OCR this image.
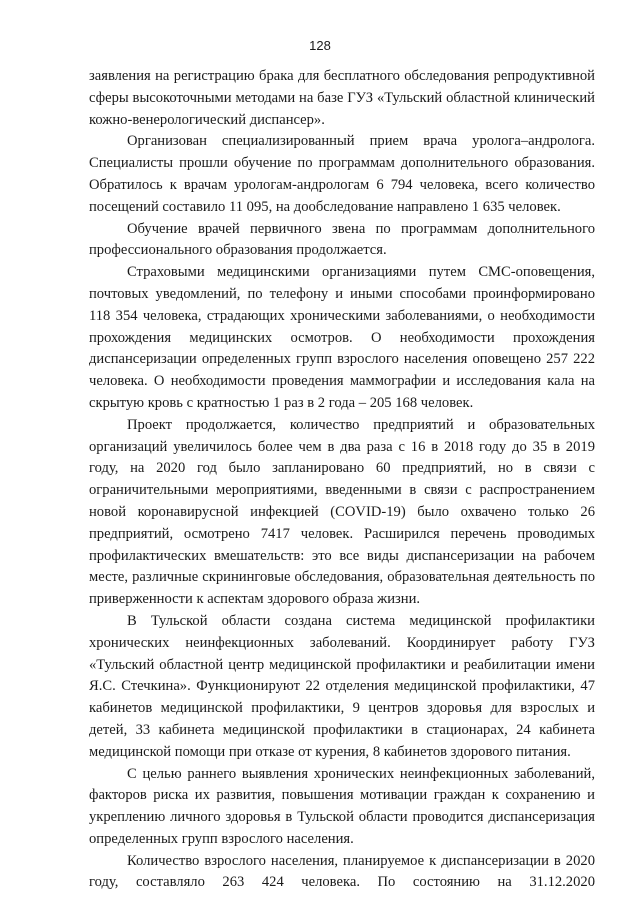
128

заявления на регистрацию брака для бесплатного обследования репродуктивной сферы высокоточными методами на базе ГУЗ «Тульский областной клинический кожно-венерологический диспансер».

Организован специализированный прием врача уролога–андролога. Специалисты прошли обучение по программам дополнительного образования. Обратилось к врачам урологам-андрологам 6 794 человека, всего количество посещений составило 11 095, на дообследование направлено 1 635 человек.

Обучение врачей первичного звена по программам дополнительного профессионального образования продолжается.

Страховыми медицинскими организациями путем СМС-оповещения, почтовых уведомлений, по телефону и иными способами проинформировано 118 354 человека, страдающих хроническими заболеваниями, о необходимости прохождения медицинских осмотров. О необходимости прохождения диспансеризации определенных групп взрослого населения оповещено 257 222 человека. О необходимости проведения маммографии и исследования кала на скрытую кровь с кратностью 1 раз в 2 года – 205 168 человек.

Проект продолжается, количество предприятий и образовательных организаций увеличилось более чем в два раза с 16 в 2018 году до 35 в 2019 году, на 2020 год было запланировано 60 предприятий, но в связи с ограничительными мероприятиями, введенными в связи с распространением новой коронавирусной инфекцией (COVID-19) было охвачено только 26 предприятий, осмотрено 7417 человек. Расширился перечень проводимых профилактических вмешательств: это все виды диспансеризации на рабочем месте, различные скрининговые обследования, образовательная деятельность по приверженности к аспектам здорового образа жизни.

В Тульской области создана система медицинской профилактики хронических неинфекционных заболеваний. Координирует работу ГУЗ «Тульский областной центр медицинской профилактики и реабилитации имени Я.С. Стечкина». Функционируют 22 отделения медицинской профилактики, 47 кабинетов медицинской профилактики, 9 центров здоровья для взрослых и детей, 33 кабинета медицинской профилактики в стационарах, 24 кабинета медицинской помощи при отказе от курения, 8 кабинетов здорового питания.

С целью раннего выявления хронических неинфекционных заболеваний, факторов риска их развития, повышения мотивации граждан к сохранению и укреплению личного здоровья в Тульской области проводится диспансеризация определенных групп взрослого населения.

Количество взрослого населения, планируемое к диспансеризации в 2020 году, составляло 263 424 человека. По состоянию на 31.12.2020
